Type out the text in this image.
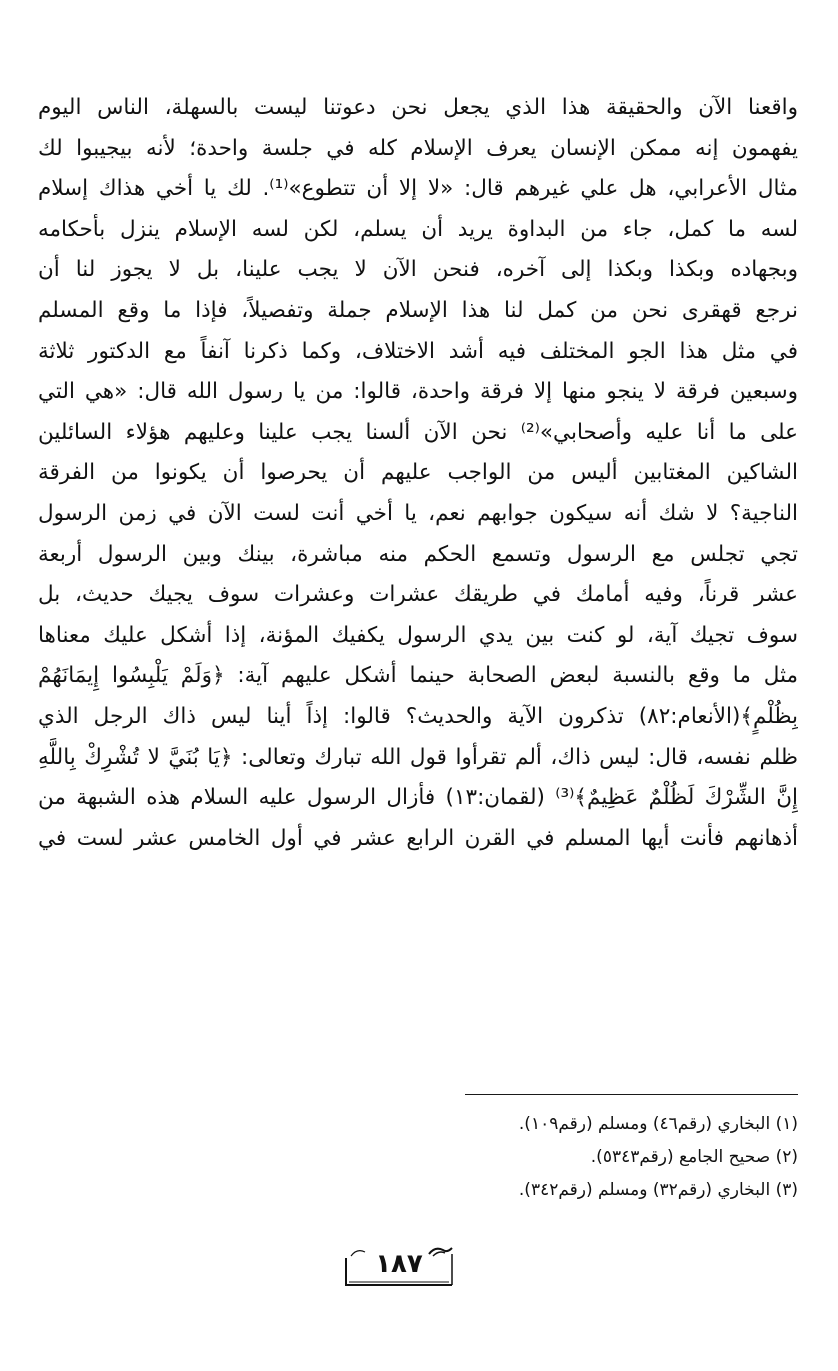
واقعنا الآن والحقيقة هذا الذي يجعل نحن دعوتنا ليست بالسهلة، الناس اليوم
يفهمون إنه ممكن الإنسان يعرف الإسلام كله في جلسة واحدة؛ لأنه بيجيبوا لك
مثال الأعرابي، هل علي غيرهم قال: «لا إلا أن تتطوع»⁽¹⁾. لك يا أخي هذاك إسلام
لسه ما كمل، جاء من البداوة يريد أن يسلم، لكن لسه الإسلام ينزل بأحكامه
وبجهاده وبكذا وبكذا إلى آخره، فنحن الآن لا يجب علينا، بل لا يجوز لنا أن
نرجع قهقرى نحن من كمل لنا هذا الإسلام جملة وتفصيلاً، فإذا ما وقع المسلم
في مثل هذا الجو المختلف فيه أشد الاختلاف، وكما ذكرنا آنفاً مع الدكتور ثلاثة
وسبعين فرقة لا ينجو منها إلا فرقة واحدة، قالوا: من يا رسول الله قال: «هي التي
على ما أنا عليه وأصحابي»⁽²⁾ نحن الآن ألسنا يجب علينا وعليهم هؤلاء السائلين
الشاكين المغتابين أليس من الواجب عليهم أن يحرصوا أن يكونوا من الفرقة
الناجية؟ لا شك أنه سيكون جوابهم نعم، يا أخي أنت لست الآن في زمن الرسول
تجي تجلس مع الرسول وتسمع الحكم منه مباشرة، بينك وبين الرسول أربعة
عشر قرناً، وفيه أمامك في طريقك عشرات وعشرات سوف يجيك حديث، بل
سوف تجيك آية، لو كنت بين يدي الرسول يكفيك المؤنة، إذا أشكل عليك معناها
مثل ما وقع بالنسبة لبعض الصحابة حينما أشكل عليهم آية: ﴿وَلَمْ يَلْبِسُوا إِيمَانَهُمْ
بِظُلْمٍ﴾(الأنعام:٨٢) تذكرون الآية والحديث؟ قالوا: إذاً أينا ليس ذاك الرجل الذي
ظلم نفسه، قال: ليس ذاك، ألم تقرأوا قول الله تبارك وتعالى: ﴿يَا بُنَيَّ لا تُشْرِكْ بِاللَّهِ
إِنَّ الشِّرْكَ لَظُلْمٌ عَظِيمٌ﴾⁽³⁾ (لقمان:١٣) فأزال الرسول عليه السلام هذه الشبهة من
أذهانهم فأنت أيها المسلم في القرن الرابع عشر في أول الخامس عشر لست في
(١) البخاري (رقم٤٦) ومسلم (رقم١٠٩).
(٢) صحيح الجامع (رقم٥٣٤٣).
(٣) البخاري (رقم٣٢) ومسلم (رقم٣٤٢).
١٨٧
